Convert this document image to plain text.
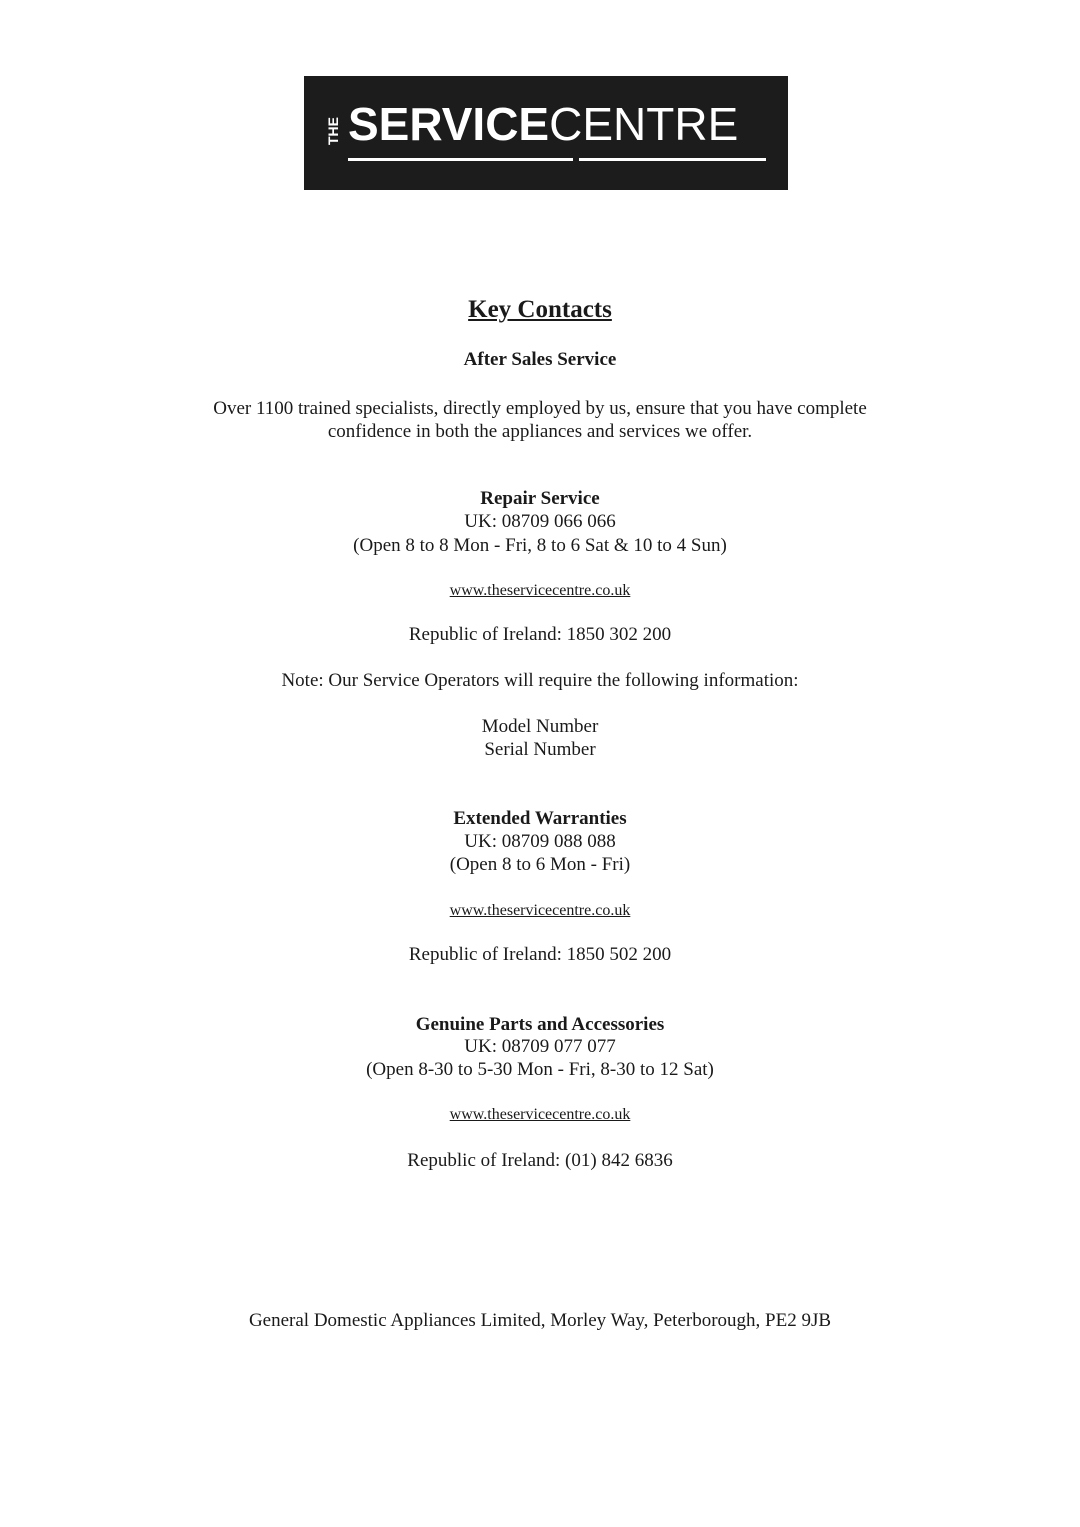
THE SERVICECENTRE
Key Contacts
After Sales Service
Over 1100 trained specialists, directly employed by us, ensure that you have complete
confidence in both the appliances and services we offer.
Repair Service
UK: 08709 066 066
(Open 8 to 8 Mon - Fri, 8 to 6 Sat & 10 to 4 Sun)
www.theservicecentre.co.uk
Republic of Ireland: 1850 302 200
Note: Our Service Operators will require the following information:
Model Number
Serial Number
Extended Warranties
UK: 08709 088 088
(Open 8 to 6 Mon - Fri)
www.theservicecentre.co.uk
Republic of Ireland: 1850 502 200
Genuine Parts and Accessories
UK: 08709 077 077
(Open 8-30 to 5-30 Mon - Fri, 8-30 to 12 Sat)
www.theservicecentre.co.uk
Republic of Ireland: (01) 842 6836
General Domestic Appliances Limited, Morley Way, Peterborough, PE2 9JB
